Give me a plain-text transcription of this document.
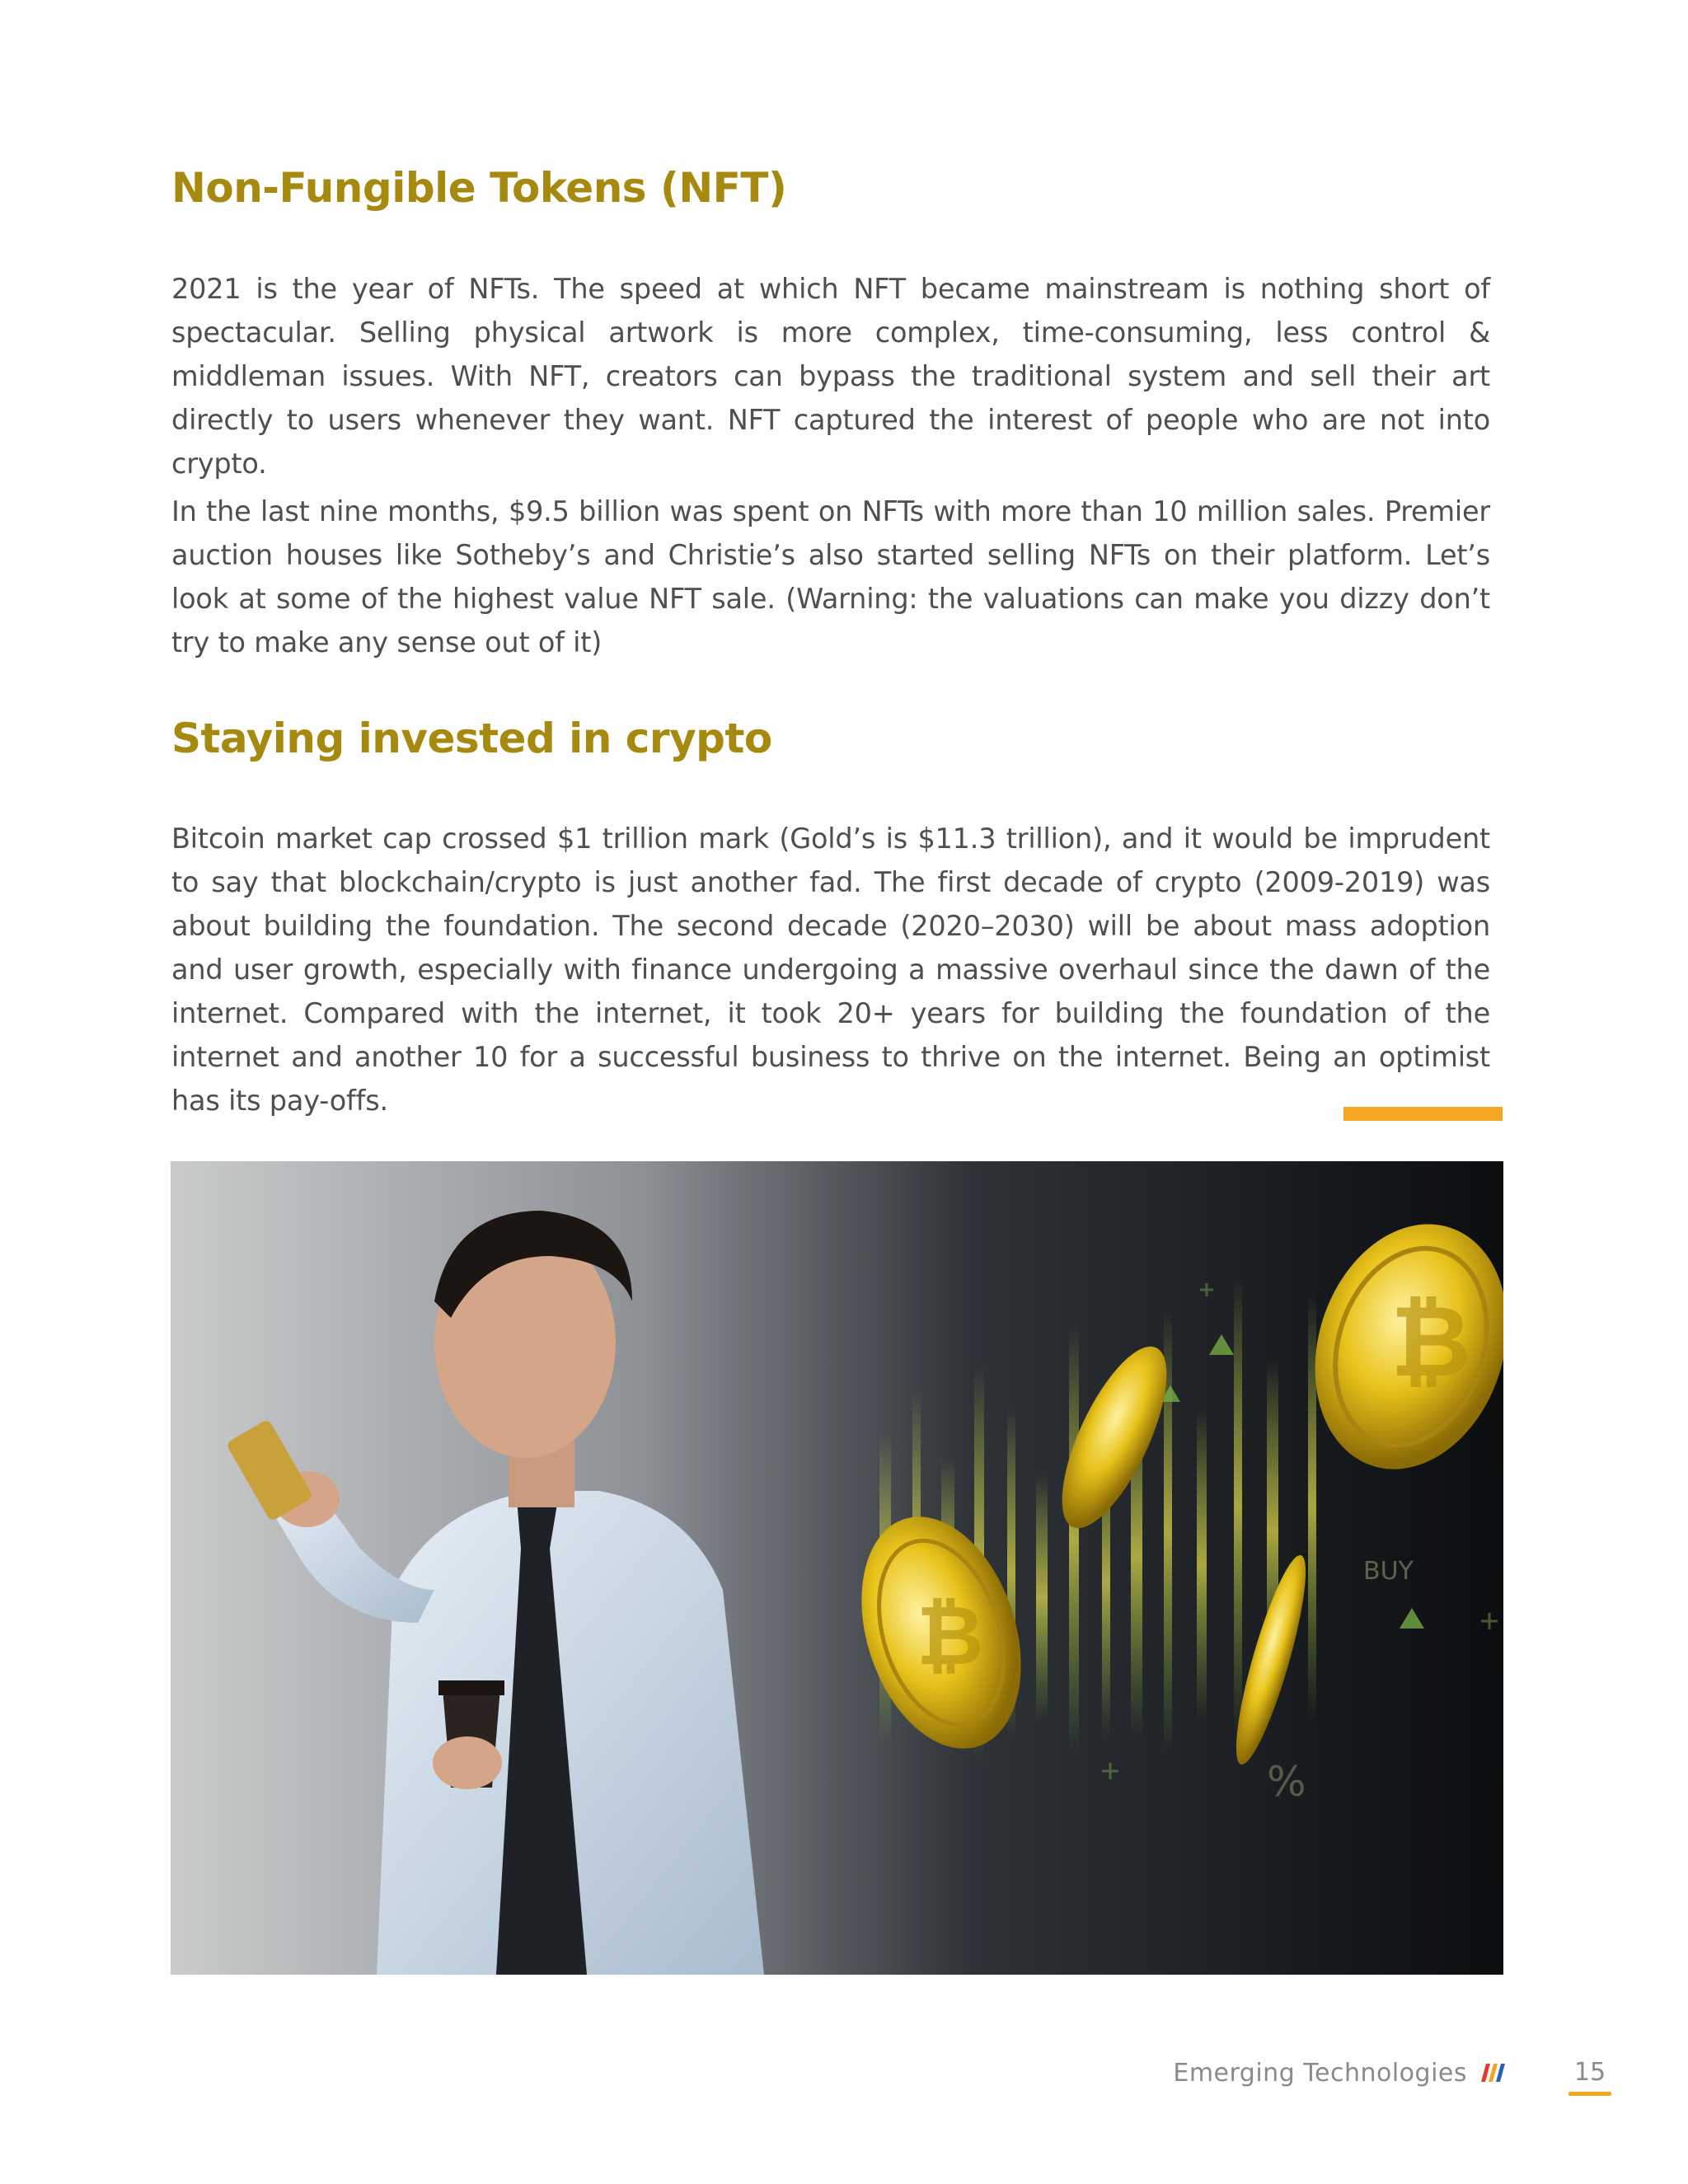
Non-Fungible Tokens (NFT)

2021 is the year of NFTs. The speed at which NFT became mainstream is nothing short of spectacular. Selling physical artwork is more complex, time-consuming, less control & middleman issues. With NFT, creators can bypass the traditional system and sell their art directly to users whenever they want. NFT captured the interest of people who are not into crypto.

In the last nine months, $9.5 billion was spent on NFTs with more than 10 million sales. Premier auction houses like Sotheby’s and Christie’s also started selling NFTs on their platform. Let’s look at some of the highest value NFT sale. (Warning: the valuations can make you dizzy don’t try to make any sense out of it)

Staying invested in crypto

Bitcoin market cap crossed $1 trillion mark (Gold’s is $11.3 trillion), and it would be imprudent to say that blockchain/crypto is just another fad. The first decade of crypto (2009-2019) was about building the foundation. The second decade (2020–2030) will be about mass adoption and user growth, especially with finance undergoing a massive overhaul since the dawn of the internet. Compared with the internet, it took 20+ years for building the foundation of the internet and another 10 for a successful business to thrive on the internet. Being an optimist has its pay-offs.

BUY
%
₿
₿
Emerging Technologies	15
